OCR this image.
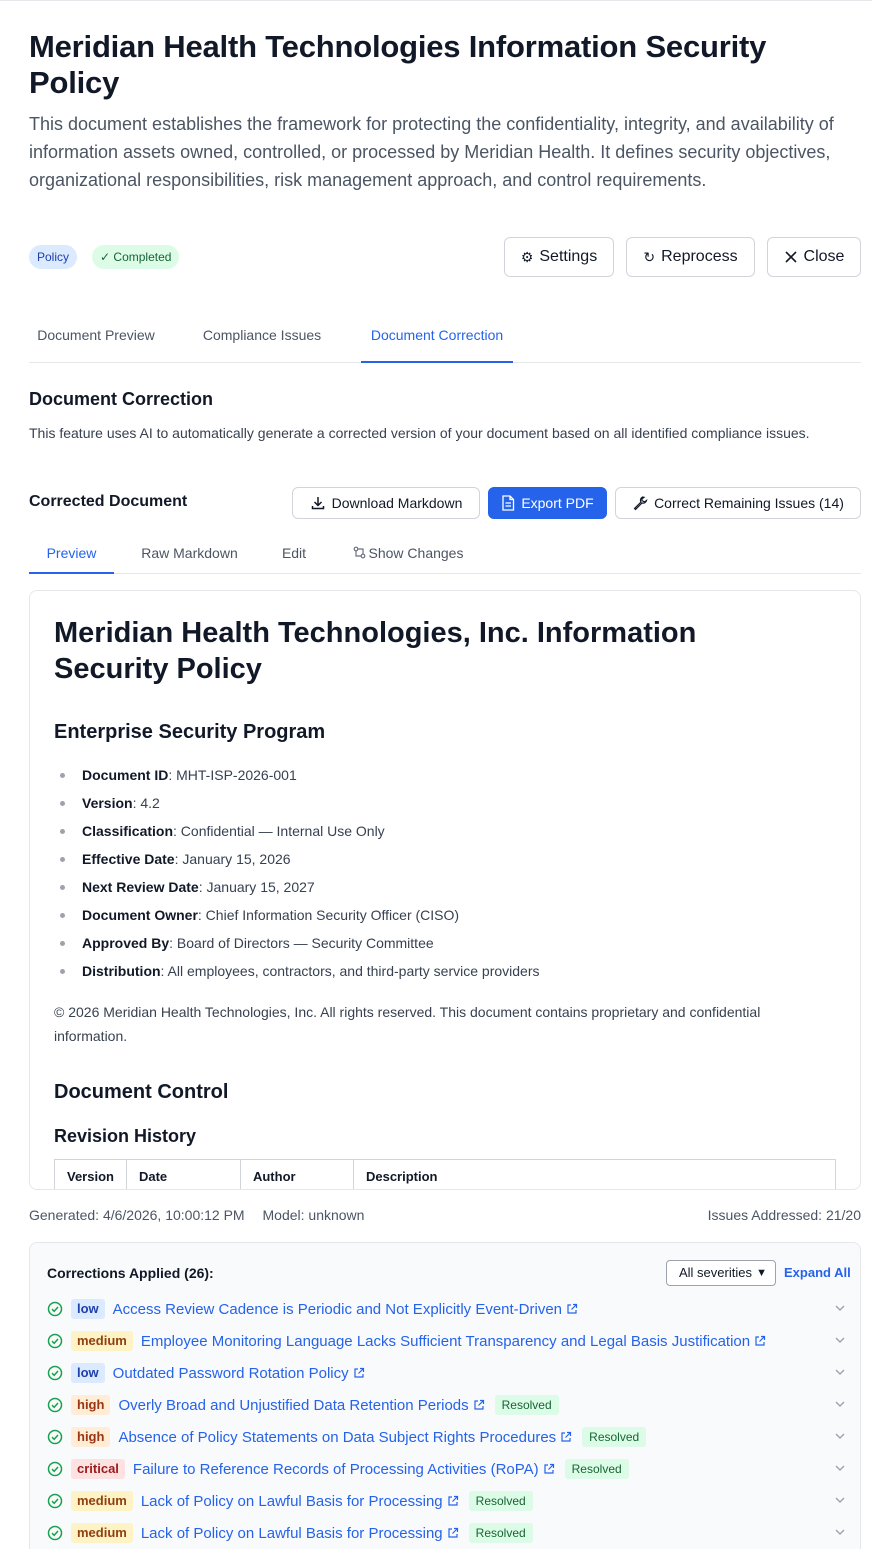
Meridian Health Technologies Information Security Policy

This document establishes the framework for protecting the confidentiality, integrity, and availability of information assets owned, controlled, or processed by Meridian Health. It defines security objectives, organizational responsibilities, risk management approach, and control requirements.

Policy	✓ Completed	⚙ Settings	↻ Reprocess	Close
Document Preview	Compliance Issues	Document Correction
Document Correction

This feature uses AI to automatically generate a corrected version of your document based on all identified compliance issues.

Corrected Document	Download Markdown	Export PDF	Correct Remaining Issues (14)
Preview	Raw Markdown	Edit	Show Changes
Meridian Health Technologies, Inc. Information Security Policy
Enterprise Security Program
Document ID: MHT-ISP-2026-001
Version: 4.2
Classification: Confidential — Internal Use Only
Effective Date: January 15, 2026
Next Review Date: January 15, 2027
Document Owner: Chief Information Security Officer (CISO)
Approved By: Board of Directors — Security Committee
Distribution: All employees, contractors, and third-party service providers

© 2026 Meridian Health Technologies, Inc. All rights reserved. This document contains proprietary and confidential information.

Document Control
Revision History
Version	Date	Author	Description
Generated: 4/6/2026, 10:00:12 PM Model: unknown	Issues Addressed: 21/20
Corrections Applied (26):	All severities ▼ Expand All
low Access Review Cadence is Periodic and Not Explicitly Event-Driven
medium Employee Monitoring Language Lacks Sufficient Transparency and Legal Basis Justification
low Outdated Password Rotation Policy
high Overly Broad and Unjustified Data Retention Periods	Resolved
high Absence of Policy Statements on Data Subject Rights Procedures	Resolved
critical Failure to Reference Records of Processing Activities (RoPA)	Resolved
medium Lack of Policy on Lawful Basis for Processing	Resolved
medium Lack of Policy on Lawful Basis for Processing	Resolved
